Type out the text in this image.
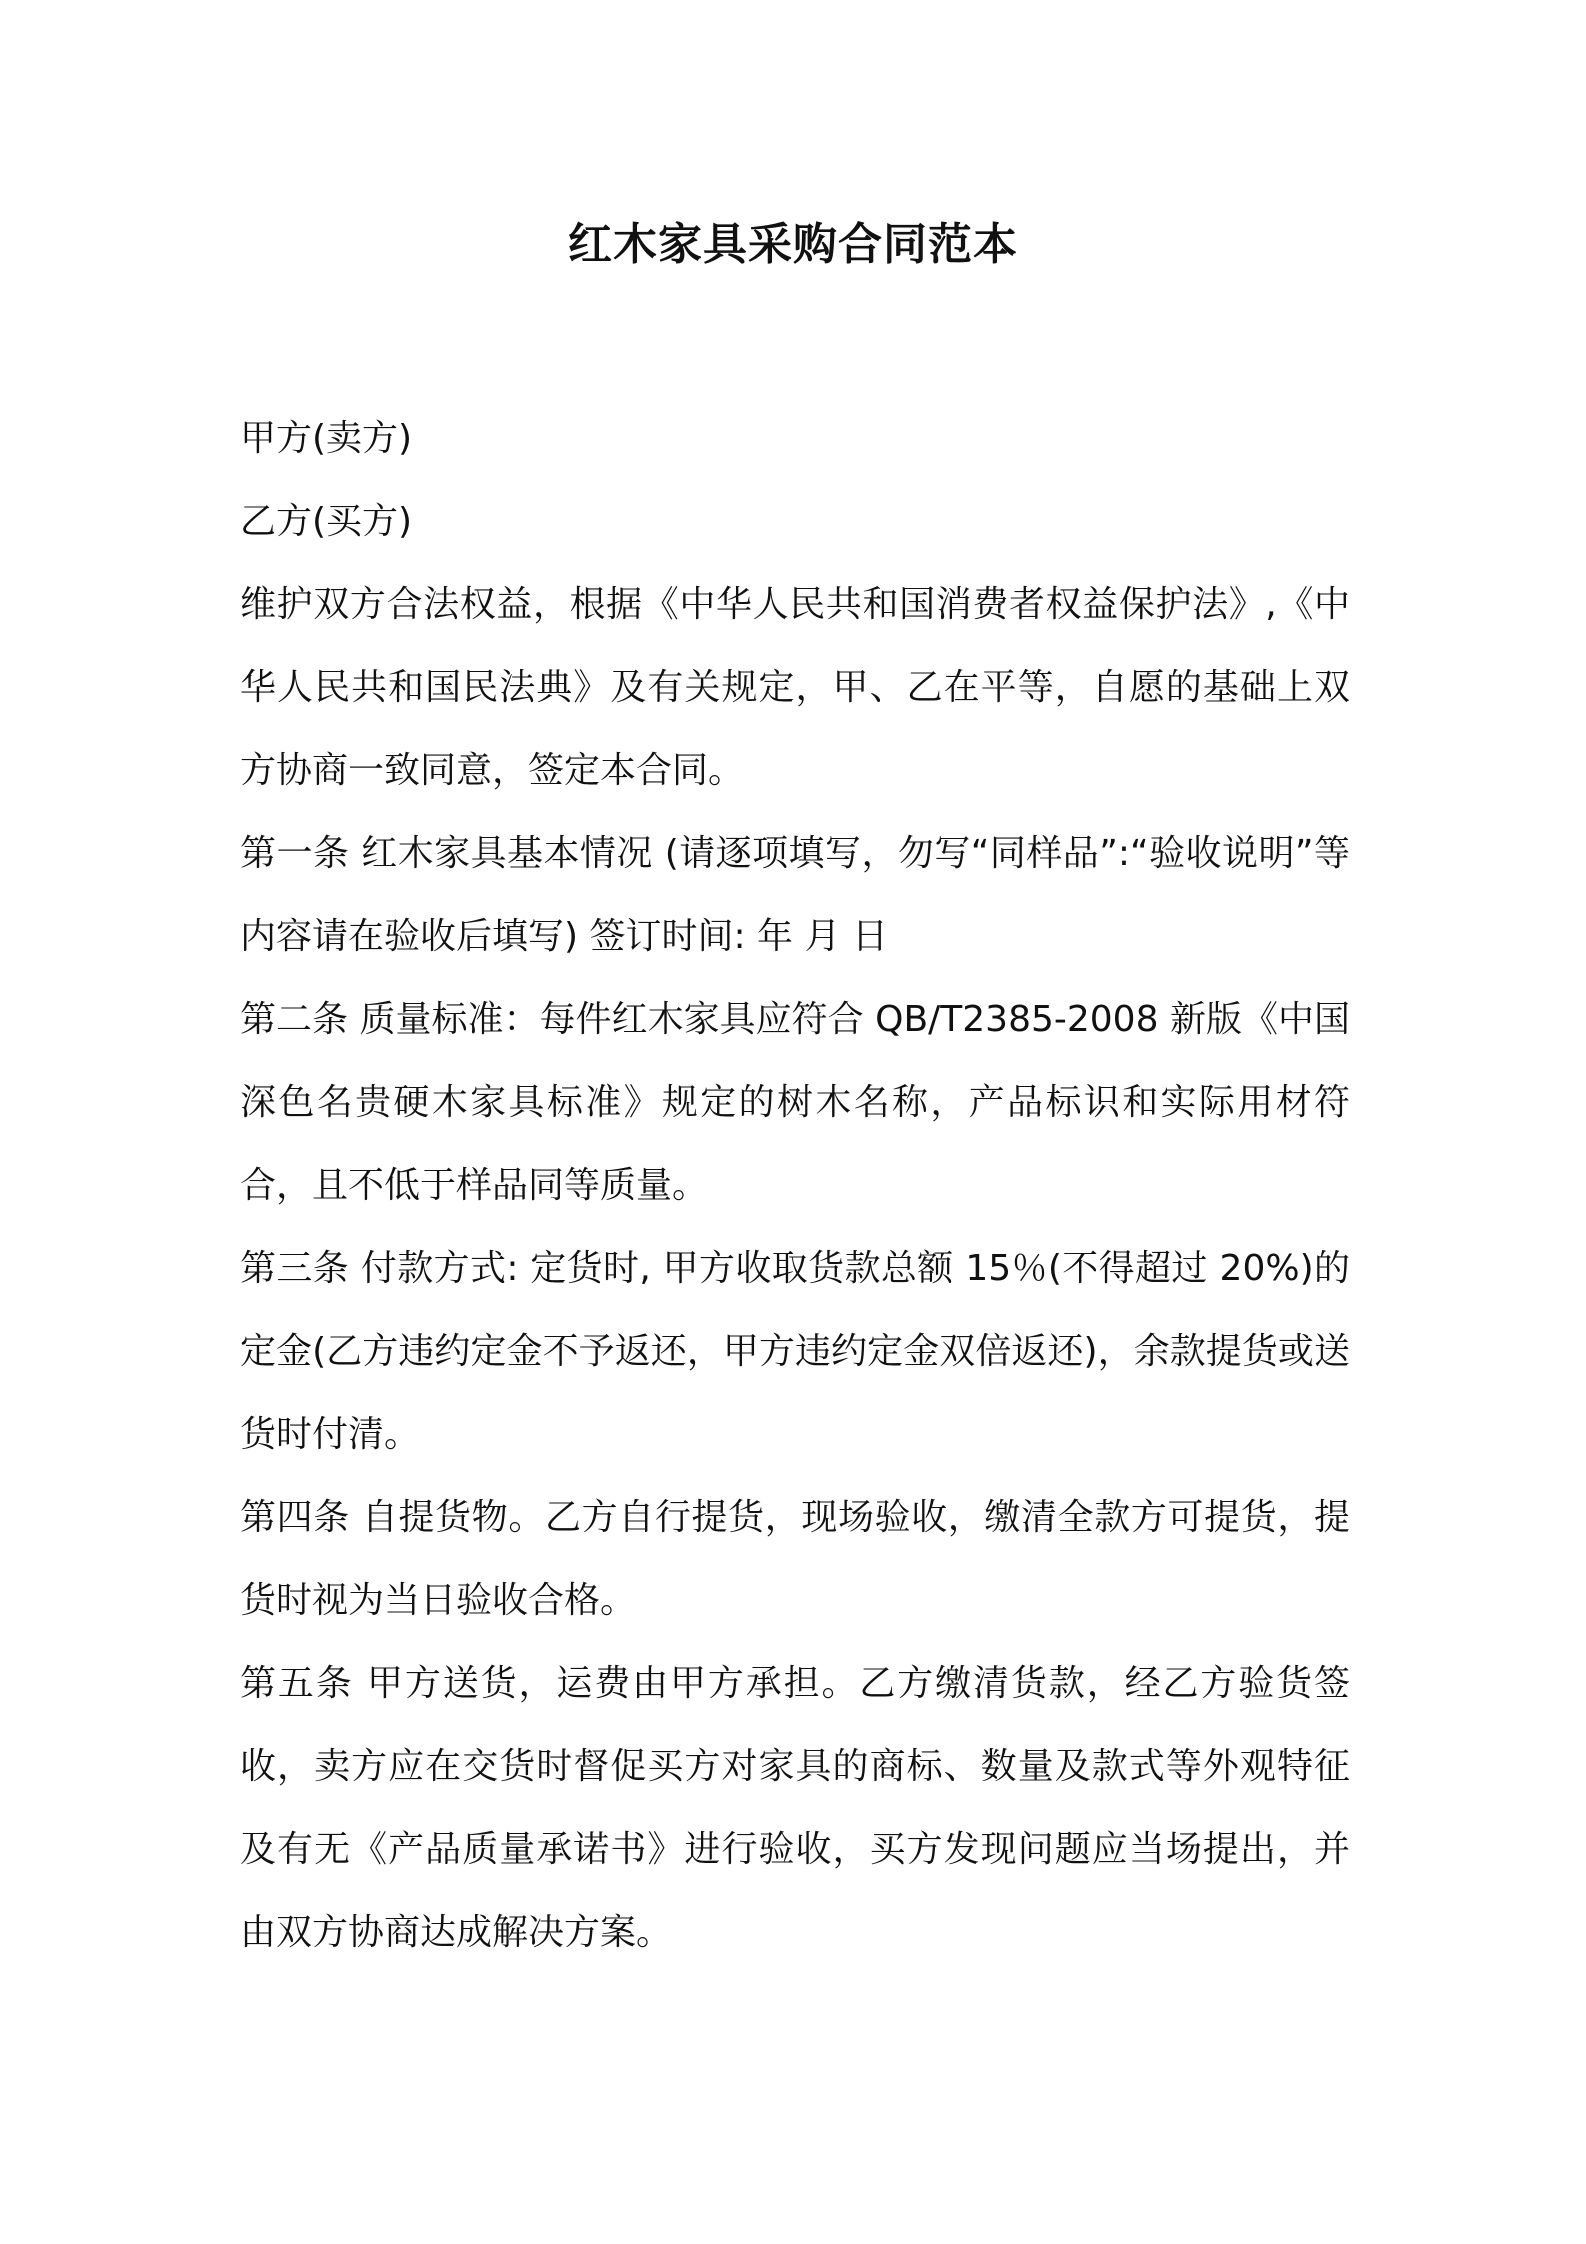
红木家具采购合同范本

甲方(卖方)

乙方(买方)

维护双方合法权益，根据《中华人民共和国消费者权益保护法》,《中华人民共和国民法典》及有关规定，甲、乙在平等，自愿的基础上双方协商一致同意，签定本合同。

第一条 红木家具基本情况 (请逐项填写，勿写“同样品”:“验收说明”等内容请在验收后填写) 签订时间: 年 月 日

第二条 质量标准：每件红木家具应符合 QB/T2385-2008 新版《中国深色名贵硬木家具标准》规定的树木名称，产品标识和实际用材符合，且不低于样品同等质量。

第三条 付款方式: 定货时, 甲方收取货款总额 15％(不得超过 20%)的定金(乙方违约定金不予返还，甲方违约定金双倍返还)，余款提货或送货时付清。

第四条 自提货物。乙方自行提货，现场验收，缴清全款方可提货，提货时视为当日验收合格。

第五条 甲方送货，运费由甲方承担。乙方缴清货款，经乙方验货签收，卖方应在交货时督促买方对家具的商标、数量及款式等外观特征及有无《产品质量承诺书》进行验收，买方发现问题应当场提出，并由双方协商达成解决方案。
